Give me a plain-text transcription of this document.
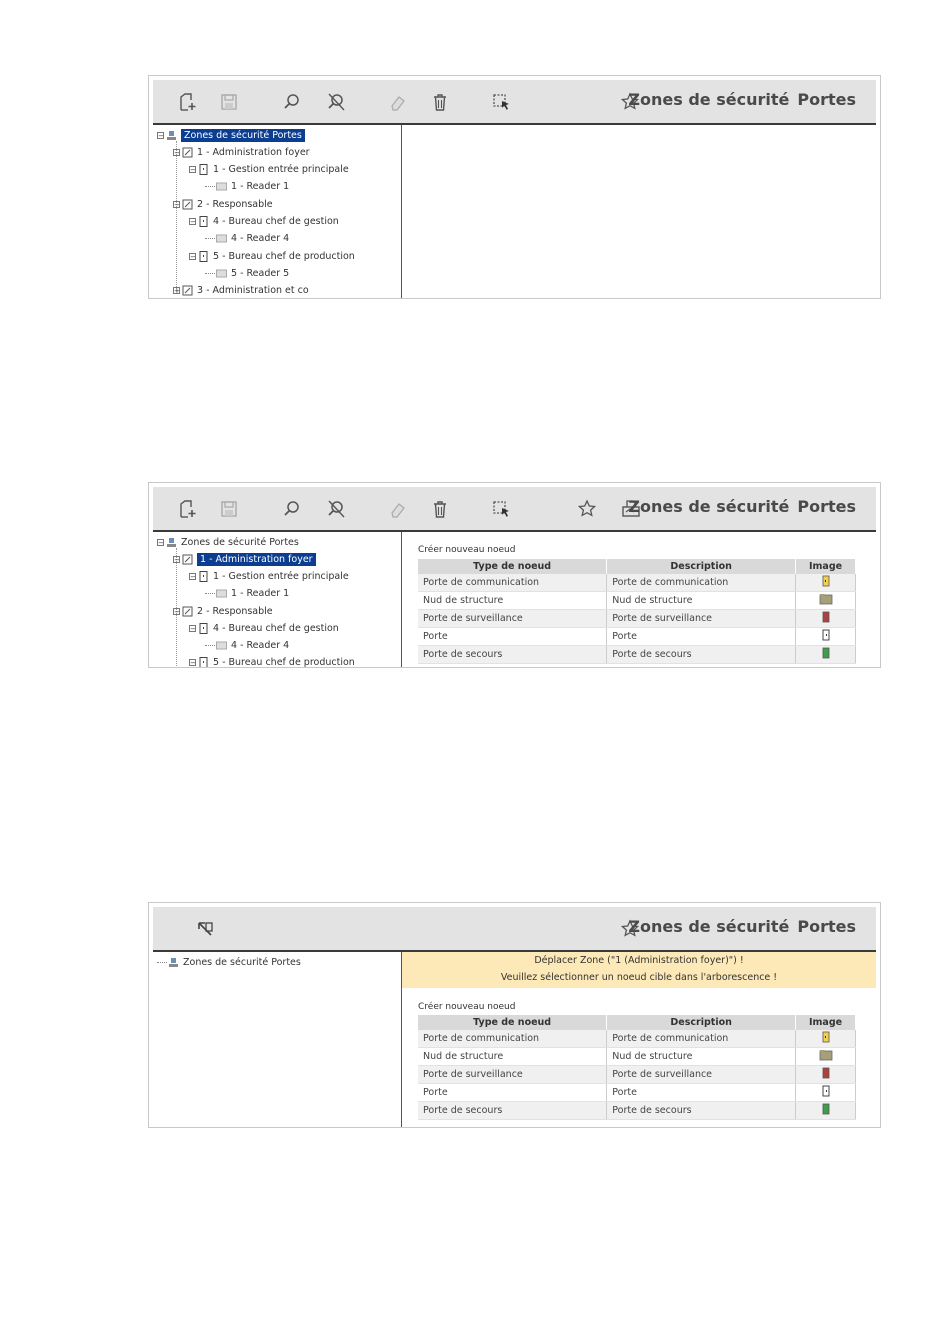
Zones de sécurité Portes
−	Zones de sécurité Portes
− 1 - Administration foyer
− 1 - Gestion entrée principale
1 - Reader 1
− 2 - Responsable
− 4 - Bureau chef de gestion
4 - Reader 4
− 5 - Bureau chef de production
5 - Reader 5
+ 3 - Administration et co
Zones de sécurité Portes
− Zones de sécurité Portes
−	1 - Administration foyer
− 1 - Gestion entrée principale
1 - Reader 1
− 2 - Responsable
− 4 - Bureau chef de gestion
4 - Reader 4
− 5 - Bureau chef de production
Créer nouveau noeud
Type de noeud	Description	Image
Porte de communication	Porte de communication	
Nud de structure	Nud de structure	
Porte de surveillance	Porte de surveillance	
Porte	Porte	
Porte de secours	Porte de secours	
Zones de sécurité Portes
Zones de sécurité Portes	Déplacer Zone ("1 (Administration foyer)") !
Veuillez sélectionner un noeud cible dans l'arborescence !
Créer nouveau noeud
Type de noeud	Description	Image
Porte de communication	Porte de communication	
Nud de structure	Nud de structure	
Porte de surveillance	Porte de surveillance	
Porte	Porte	
Porte de secours	Porte de secours	
